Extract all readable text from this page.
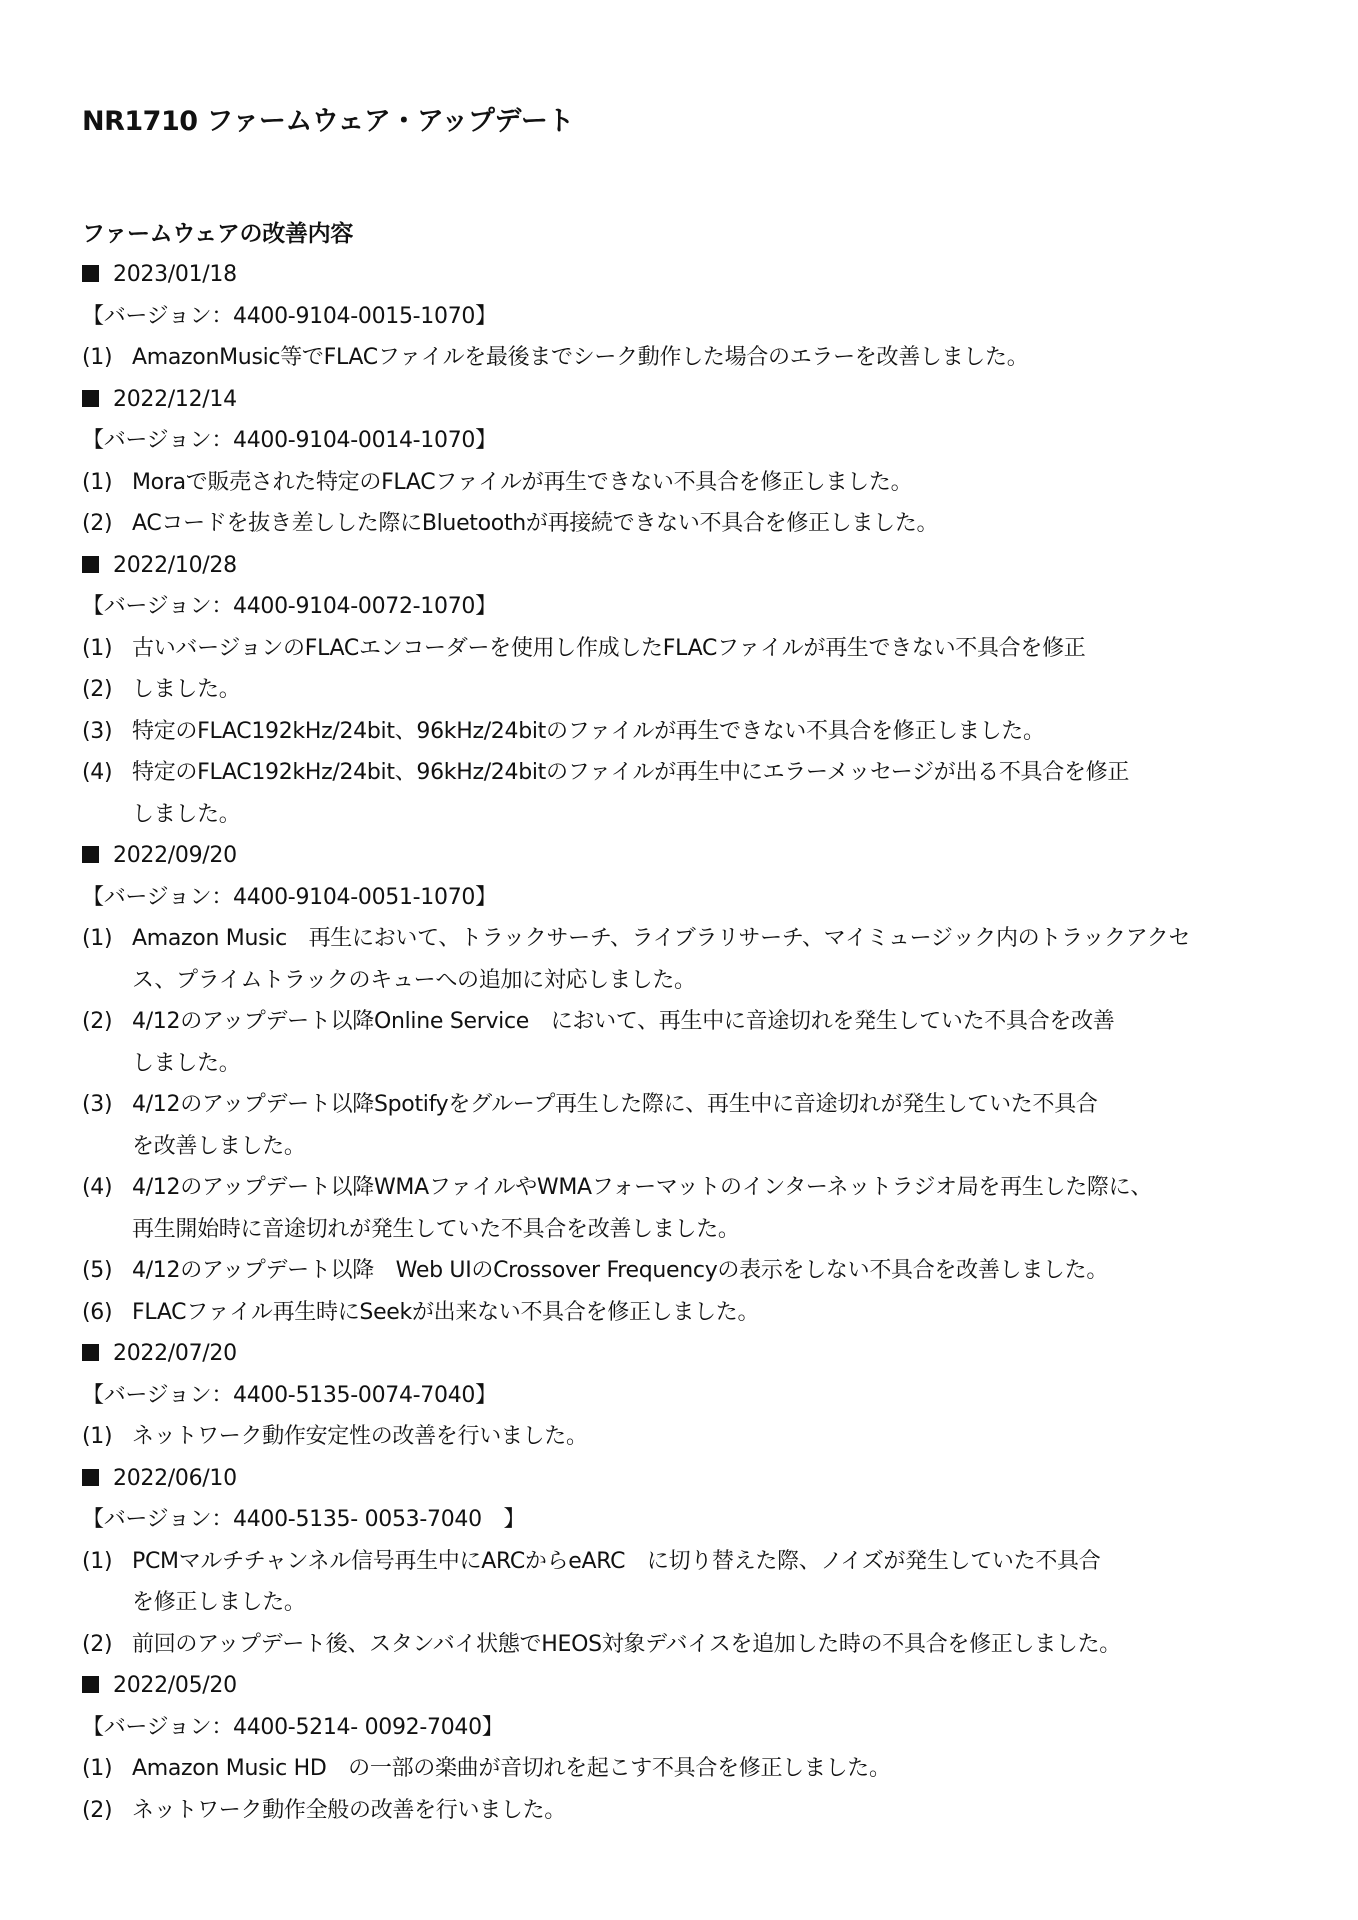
NR1710 ファームウェア・アップデート
ファームウェアの改善内容
2023/01/18
【バージョン：4400-9104-0015-1070】
(1) AmazonMusic等でFLACファイルを最後までシーク動作した場合のエラーを改善しました。
2022/12/14
【バージョン：4400-9104-0014-1070】
(1) Moraで販売された特定のFLACファイルが再生できない不具合を修正しました。
(2) ACコードを抜き差しした際にBluetoothが再接続できない不具合を修正しました。
2022/10/28
【バージョン：4400-9104-0072-1070】
(1) 古いバージョンのFLACエンコーダーを使用し作成したFLACファイルが再生できない不具合を修正
(2) しました。
(3) 特定のFLAC192kHz/24bit、96kHz/24bitのファイルが再生できない不具合を修正しました。
(4) 特定のFLAC192kHz/24bit、96kHz/24bitのファイルが再生中にエラーメッセージが出る不具合を修正
しました。
2022/09/20
【バージョン：4400-9104-0051-1070】
(1) Amazon Music　再生において、トラックサーチ、ライブラリサーチ、マイミュージック内のトラックアクセ
ス、プライムトラックのキューへの追加に対応しました。
(2) 4/12のアップデート以降Online Service　において、再生中に音途切れを発生していた不具合を改善
しました。
(3) 4/12のアップデート以降Spotifyをグループ再生した際に、再生中に音途切れが発生していた不具合
を改善しました。
(4) 4/12のアップデート以降WMAファイルやWMAフォーマットのインターネットラジオ局を再生した際に、
再生開始時に音途切れが発生していた不具合を改善しました。
(5) 4/12のアップデート以降　Web UIのCrossover Frequencyの表示をしない不具合を改善しました。
(6) FLACファイル再生時にSeekが出来ない不具合を修正しました。
2022/07/20
【バージョン：4400-5135-0074-7040】
(1) ネットワーク動作安定性の改善を行いました。
2022/06/10
【バージョン：4400-5135- 0053-7040　】
(1) PCMマルチチャンネル信号再生中にARCからeARC　に切り替えた際、ノイズが発生していた不具合
を修正しました。
(2) 前回のアップデート後、スタンバイ状態でHEOS対象デバイスを追加した時の不具合を修正しました。
2022/05/20
【バージョン：4400-5214- 0092-7040】
(1) Amazon Music HD　の一部の楽曲が音切れを起こす不具合を修正しました。
(2) ネットワーク動作全般の改善を行いました。
